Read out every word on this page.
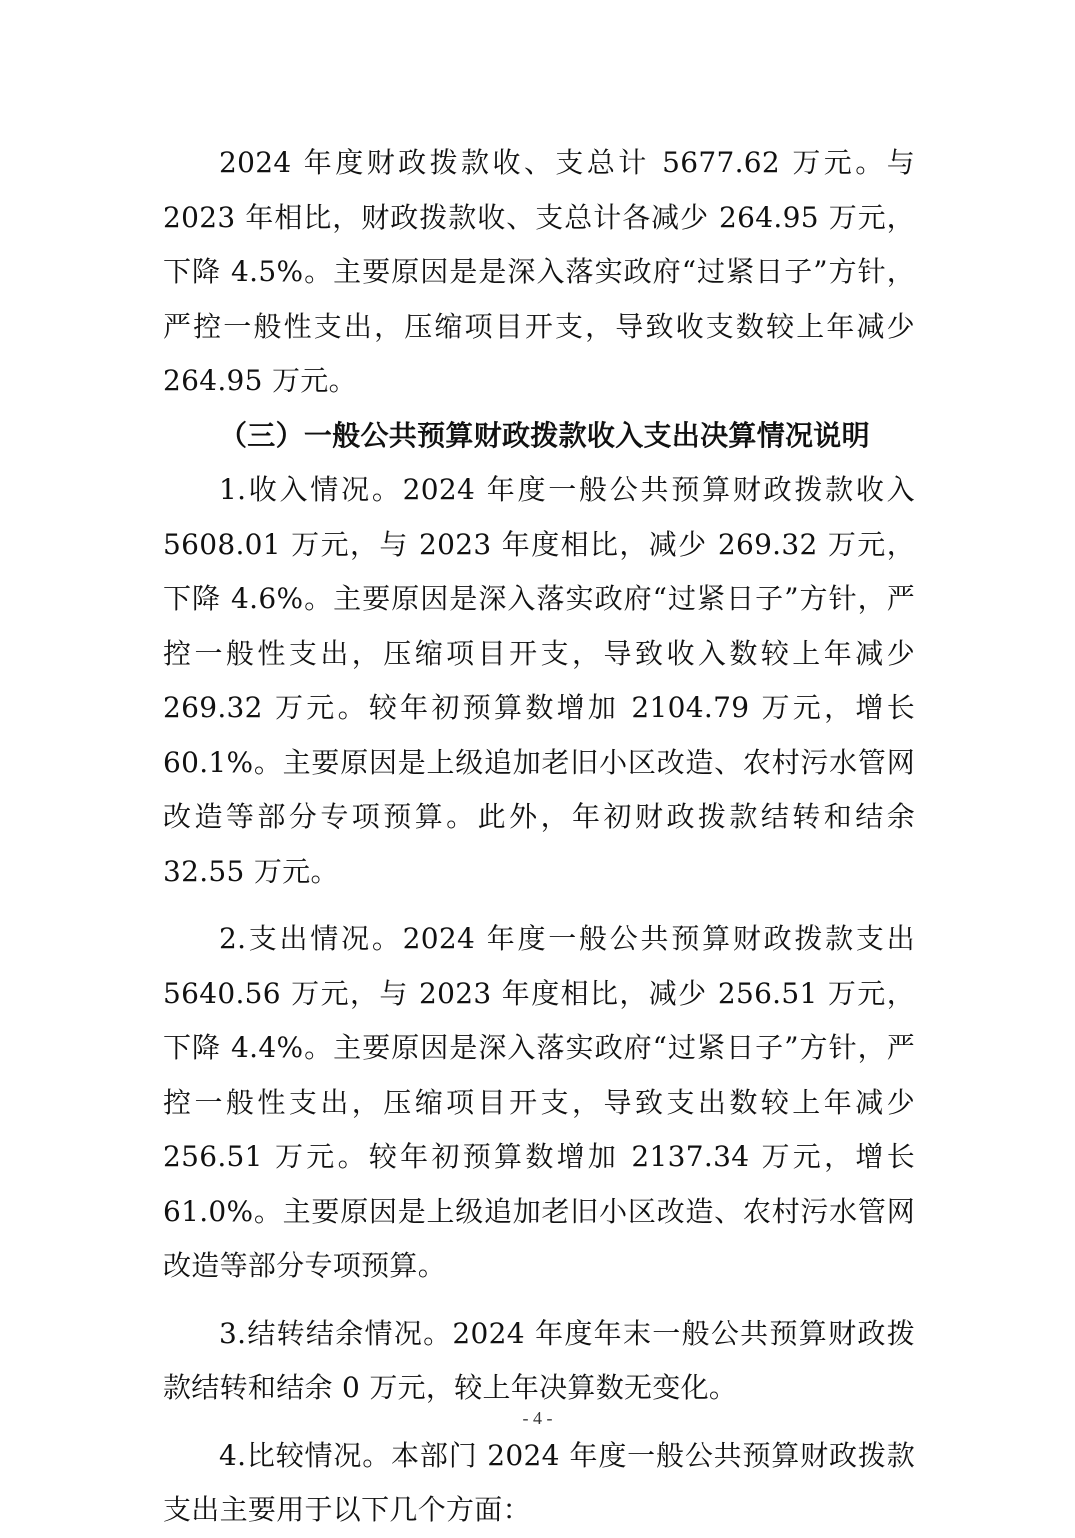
2024 年度财政拨款收、支总计 5677.62 万元。与 2023 年相比，财政拨款收、支总计各减少 264.95 万元，下降 4.5%。主要原因是是深入落实政府“过紧日子”方针，严控一般性支出，压缩项目开支，导致收支数较上年减少 264.95 万元。

（三）一般公共预算财政拨款收入支出决算情况说明

1.收入情况。2024 年度一般公共预算财政拨款收入 5608.01 万元，与 2023 年度相比，减少 269.32 万元，下降 4.6%。主要原因是深入落实政府“过紧日子”方针，严控一般性支出，压缩项目开支，导致收入数较上年减少 269.32 万元。较年初预算数增加 2104.79 万元，增长 60.1%。主要原因是上级追加老旧小区改造、农村污水管网改造等部分专项预算。此外，年初财政拨款结转和结余 32.55 万元。

2.支出情况。2024 年度一般公共预算财政拨款支出 5640.56 万元，与 2023 年度相比，减少 256.51 万元，下降 4.4%。主要原因是深入落实政府“过紧日子”方针，严控一般性支出，压缩项目开支，导致支出数较上年减少 256.51 万元。较年初预算数增加 2137.34 万元，增长 61.0%。主要原因是上级追加老旧小区改造、农村污水管网改造等部分专项预算。

3.结转结余情况。2024 年度年末一般公共预算财政拨款结转和结余 0 万元，较上年决算数无变化。

4.比较情况。本部门 2024 年度一般公共预算财政拨款支出主要用于以下几个方面：

- 4 -
